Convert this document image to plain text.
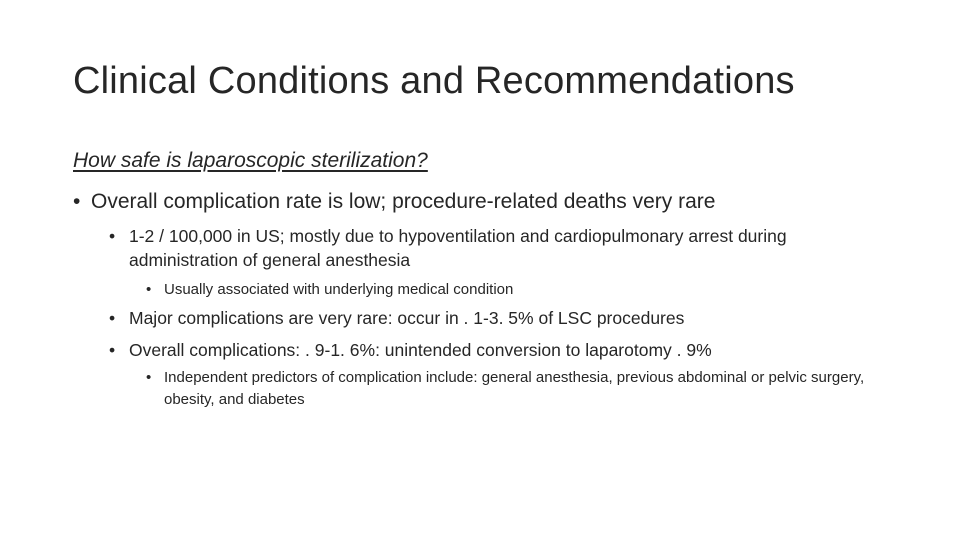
Clinical Conditions and Recommendations
How safe is laparoscopic sterilization?
• Overall complication rate is low; procedure-related deaths very rare
• 1-2 / 100,000 in US; mostly due to hypoventilation and cardiopulmonary arrest during administration of general anesthesia
• Usually associated with underlying medical condition
• Major complications are very rare: occur in . 1-3. 5% of LSC procedures
• Overall complications: . 9-1. 6%: unintended conversion to laparotomy . 9%
• Independent predictors of complication include: general anesthesia, previous abdominal or pelvic surgery, obesity, and diabetes
